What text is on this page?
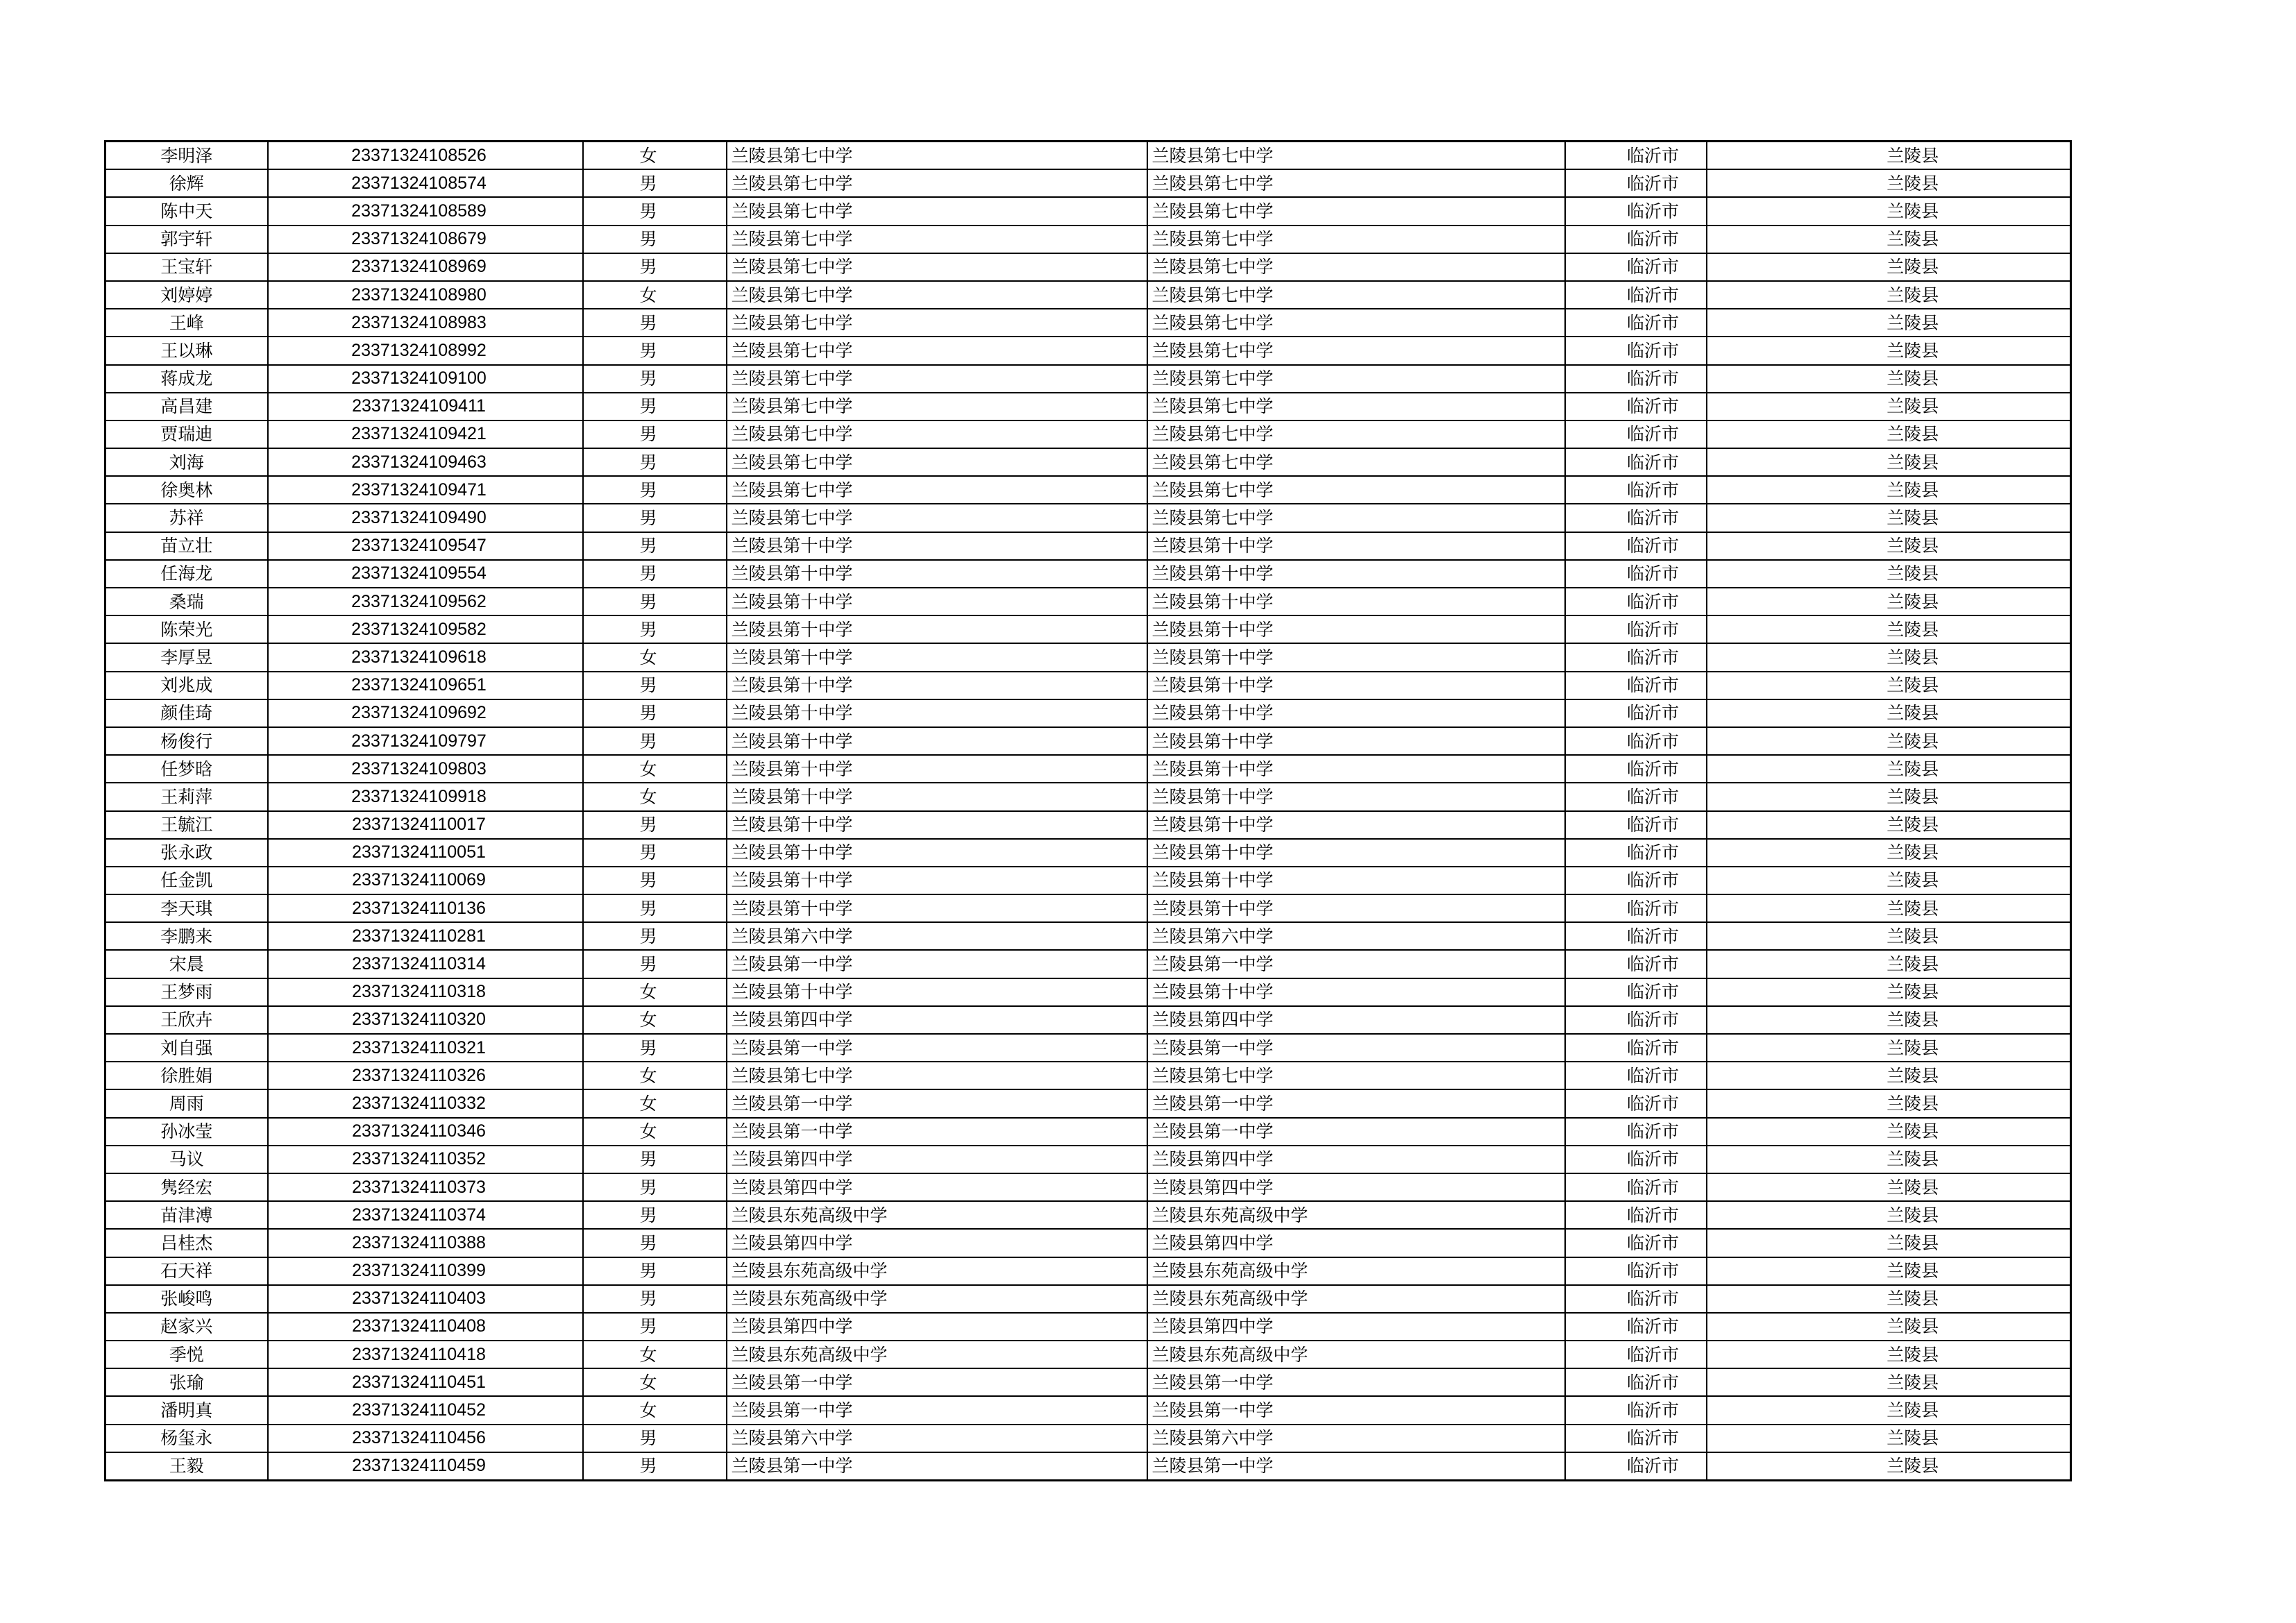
李明泽	23371324108526	女	兰陵县第七中学	兰陵县第七中学	临沂市	兰陵县
徐辉	23371324108574	男	兰陵县第七中学	兰陵县第七中学	临沂市	兰陵县
陈中天	23371324108589	男	兰陵县第七中学	兰陵县第七中学	临沂市	兰陵县
郭宇轩	23371324108679	男	兰陵县第七中学	兰陵县第七中学	临沂市	兰陵县
王宝轩	23371324108969	男	兰陵县第七中学	兰陵县第七中学	临沂市	兰陵县
刘婷婷	23371324108980	女	兰陵县第七中学	兰陵县第七中学	临沂市	兰陵县
王峰	23371324108983	男	兰陵县第七中学	兰陵县第七中学	临沂市	兰陵县
王以琳	23371324108992	男	兰陵县第七中学	兰陵县第七中学	临沂市	兰陵县
蒋成龙	23371324109100	男	兰陵县第七中学	兰陵县第七中学	临沂市	兰陵县
高昌建	23371324109411	男	兰陵县第七中学	兰陵县第七中学	临沂市	兰陵县
贾瑞迪	23371324109421	男	兰陵县第七中学	兰陵县第七中学	临沂市	兰陵县
刘海	23371324109463	男	兰陵县第七中学	兰陵县第七中学	临沂市	兰陵县
徐奥林	23371324109471	男	兰陵县第七中学	兰陵县第七中学	临沂市	兰陵县
苏祥	23371324109490	男	兰陵县第七中学	兰陵县第七中学	临沂市	兰陵县
苗立壮	23371324109547	男	兰陵县第十中学	兰陵县第十中学	临沂市	兰陵县
任海龙	23371324109554	男	兰陵县第十中学	兰陵县第十中学	临沂市	兰陵县
桑瑞	23371324109562	男	兰陵县第十中学	兰陵县第十中学	临沂市	兰陵县
陈荣光	23371324109582	男	兰陵县第十中学	兰陵县第十中学	临沂市	兰陵县
李厚昱	23371324109618	女	兰陵县第十中学	兰陵县第十中学	临沂市	兰陵县
刘兆成	23371324109651	男	兰陵县第十中学	兰陵县第十中学	临沂市	兰陵县
颜佳琦	23371324109692	男	兰陵县第十中学	兰陵县第十中学	临沂市	兰陵县
杨俊行	23371324109797	男	兰陵县第十中学	兰陵县第十中学	临沂市	兰陵县
任梦晗	23371324109803	女	兰陵县第十中学	兰陵县第十中学	临沂市	兰陵县
王莉萍	23371324109918	女	兰陵县第十中学	兰陵县第十中学	临沂市	兰陵县
王毓江	23371324110017	男	兰陵县第十中学	兰陵县第十中学	临沂市	兰陵县
张永政	23371324110051	男	兰陵县第十中学	兰陵县第十中学	临沂市	兰陵县
任金凯	23371324110069	男	兰陵县第十中学	兰陵县第十中学	临沂市	兰陵县
李天琪	23371324110136	男	兰陵县第十中学	兰陵县第十中学	临沂市	兰陵县
李鹏来	23371324110281	男	兰陵县第六中学	兰陵县第六中学	临沂市	兰陵县
宋晨	23371324110314	男	兰陵县第一中学	兰陵县第一中学	临沂市	兰陵县
王梦雨	23371324110318	女	兰陵县第十中学	兰陵县第十中学	临沂市	兰陵县
王欣卉	23371324110320	女	兰陵县第四中学	兰陵县第四中学	临沂市	兰陵县
刘自强	23371324110321	男	兰陵县第一中学	兰陵县第一中学	临沂市	兰陵县
徐胜娟	23371324110326	女	兰陵县第七中学	兰陵县第七中学	临沂市	兰陵县
周雨	23371324110332	女	兰陵县第一中学	兰陵县第一中学	临沂市	兰陵县
孙冰莹	23371324110346	女	兰陵县第一中学	兰陵县第一中学	临沂市	兰陵县
马议	23371324110352	男	兰陵县第四中学	兰陵县第四中学	临沂市	兰陵县
隽经宏	23371324110373	男	兰陵县第四中学	兰陵县第四中学	临沂市	兰陵县
苗津溥	23371324110374	男	兰陵县东苑高级中学	兰陵县东苑高级中学	临沂市	兰陵县
吕桂杰	23371324110388	男	兰陵县第四中学	兰陵县第四中学	临沂市	兰陵县
石天祥	23371324110399	男	兰陵县东苑高级中学	兰陵县东苑高级中学	临沂市	兰陵县
张峻鸣	23371324110403	男	兰陵县东苑高级中学	兰陵县东苑高级中学	临沂市	兰陵县
赵家兴	23371324110408	男	兰陵县第四中学	兰陵县第四中学	临沂市	兰陵县
季悦	23371324110418	女	兰陵县东苑高级中学	兰陵县东苑高级中学	临沂市	兰陵县
张瑜	23371324110451	女	兰陵县第一中学	兰陵县第一中学	临沂市	兰陵县
潘明真	23371324110452	女	兰陵县第一中学	兰陵县第一中学	临沂市	兰陵县
杨玺永	23371324110456	男	兰陵县第六中学	兰陵县第六中学	临沂市	兰陵县
王毅	23371324110459	男	兰陵县第一中学	兰陵县第一中学	临沂市	兰陵县
